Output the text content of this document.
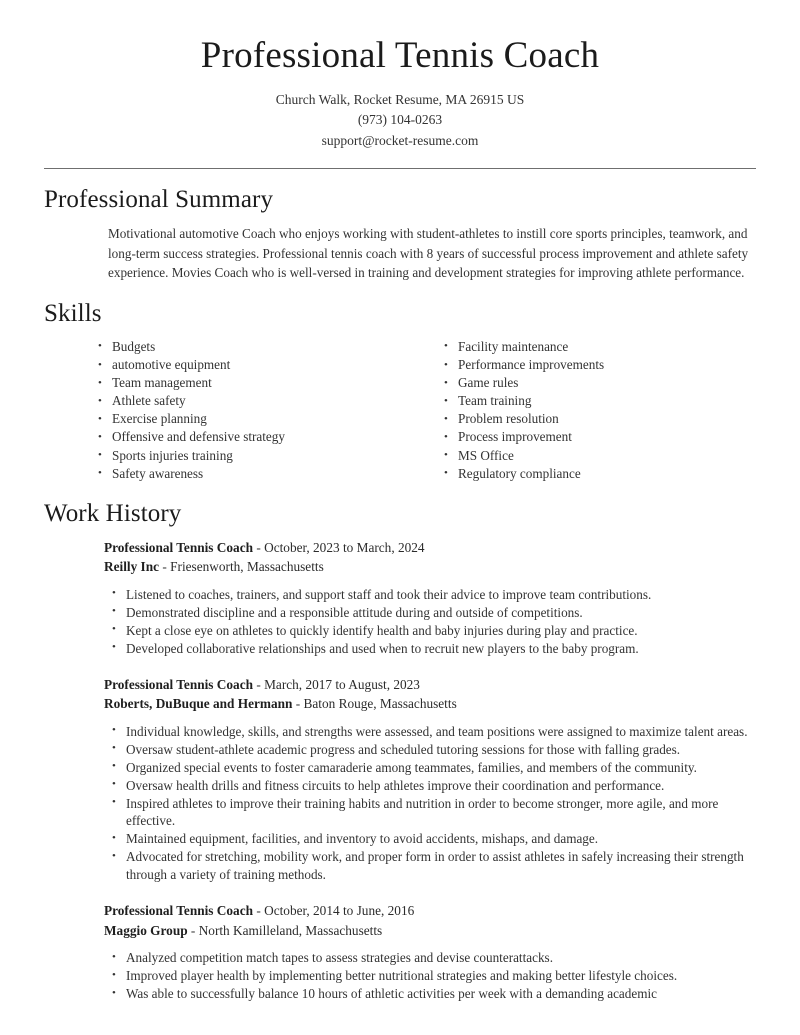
Professional Tennis Coach
Church Walk, Rocket Resume, MA 26915 US
(973) 104-0263
support@rocket-resume.com
Professional Summary

Motivational automotive Coach who enjoys working with student-athletes to instill core sports principles, teamwork, and long-term success strategies. Professional tennis coach with 8 years of successful process improvement and athlete safety experience. Movies Coach who is well-versed in training and development strategies for improving athlete performance.

Skills
• Budgets
• automotive equipment
• Team management
• Athlete safety
• Exercise planning
• Offensive and defensive strategy
• Sports injuries training
• Safety awareness
• Facility maintenance
• Performance improvements
• Game rules
• Team training
• Problem resolution
• Process improvement
• MS Office
• Regulatory compliance
Work History
Professional Tennis Coach - October, 2023 to March, 2024
Reilly Inc - Friesenworth, Massachusetts
• Listened to coaches, trainers, and support staff and took their advice to improve team contributions.
• Demonstrated discipline and a responsible attitude during and outside of competitions.
• Kept a close eye on athletes to quickly identify health and baby injuries during play and practice.
• Developed collaborative relationships and used when to recruit new players to the baby program.
Professional Tennis Coach - March, 2017 to August, 2023
Roberts, DuBuque and Hermann - Baton Rouge, Massachusetts
• Individual knowledge, skills, and strengths were assessed, and team positions were assigned to maximize talent areas.
• Oversaw student-athlete academic progress and scheduled tutoring sessions for those with falling grades.
• Organized special events to foster camaraderie among teammates, families, and members of the community.
• Oversaw health drills and fitness circuits to help athletes improve their coordination and performance.
• Inspired athletes to improve their training habits and nutrition in order to become stronger, more agile, and more effective.
• Maintained equipment, facilities, and inventory to avoid accidents, mishaps, and damage.
• Advocated for stretching, mobility work, and proper form in order to assist athletes in safely increasing their strength through a variety of training methods.
Professional Tennis Coach - October, 2014 to June, 2016
Maggio Group - North Kamilleland, Massachusetts
• Analyzed competition match tapes to assess strategies and devise counterattacks.
• Improved player health by implementing better nutritional strategies and making better lifestyle choices.
• Was able to successfully balance 10 hours of athletic activities per week with a demanding academic
